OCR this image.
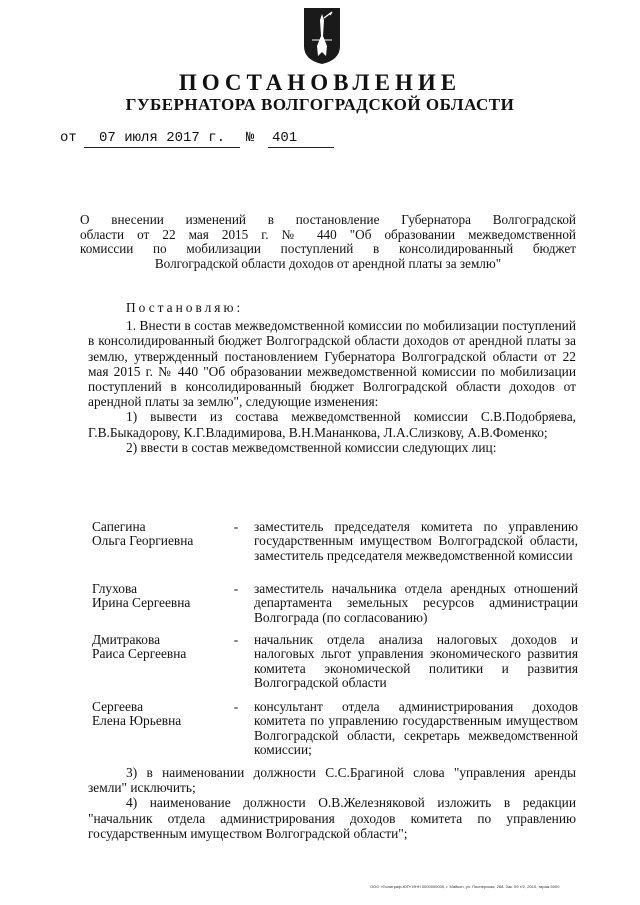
ПОСТАНОВЛЕНИЕ
ГУБЕРНАТОРА ВОЛГОГРАДСКОЙ ОБЛАСТИ
от	07 июля 2017 г.	№ 401
О внесении изменений в постановление Губернатора Волгоградской
области от 22 мая 2015 г. № 440 "Об образовании межведомственной
комиссии по мобилизации поступлений в консолидированный бюджет
Волгоградской области доходов от арендной платы за землю"
Постановляю:
1. Внести в состав межведомственной комиссии по мобилизации поступлений в консолидированный бюджет Волгоградской области доходов от арендной платы за землю, утвержденный постановлением Губернатора Волгоградской области от 22 мая 2015 г. № 440 "Об образовании межведомственной комиссии по мобилизации поступлений в консолидированный бюджет Волгоградской области доходов от арендной платы за землю", следующие изменения:
1) вывести из состава межведомственной комиссии С.В.Подобряева, Г.В.Быкадорову, К.Г.Владимирова, В.Н.Мананкова, Л.А.Слизкову, А.В.Фоменко;
2) ввести в состав межведомственной комиссии следующих лиц:
Сапегина
Ольга Георгиевна
- заместитель председателя комитета по управлению государственным имуществом Волгоградской области, заместитель председателя межведомственной комиссии
Глухова
Ирина Сергеевна
- заместитель начальника отдела арендных отношений департамента земельных ресурсов администрации Волгограда (по согласованию)
Дмитракова
Раиса Сергеевна
- начальник отдела анализа налоговых доходов и налоговых льгот управления экономического развития комитета экономической политики и развития Волгоградской области
Сергеева
Елена Юрьевна
- консультант отдела администрирования доходов комитета по управлению государственным имуществом Волгоградской области, секретарь межведомственной комиссии;
3) в наименовании должности С.С.Брагиной слова "управления аренды земли" исключить;
4) наименование должности О.В.Железняковой изложить в редакции "начальник отдела администрирования доходов комитета по управлению государственным имуществом Волгоградской области";
ООО «Полиграф-ЮГ» ИНН 0000000000, г. Майкоп, ул. Пионерская, 268. Зак. 59 т/2, 2015, тираж 5000
